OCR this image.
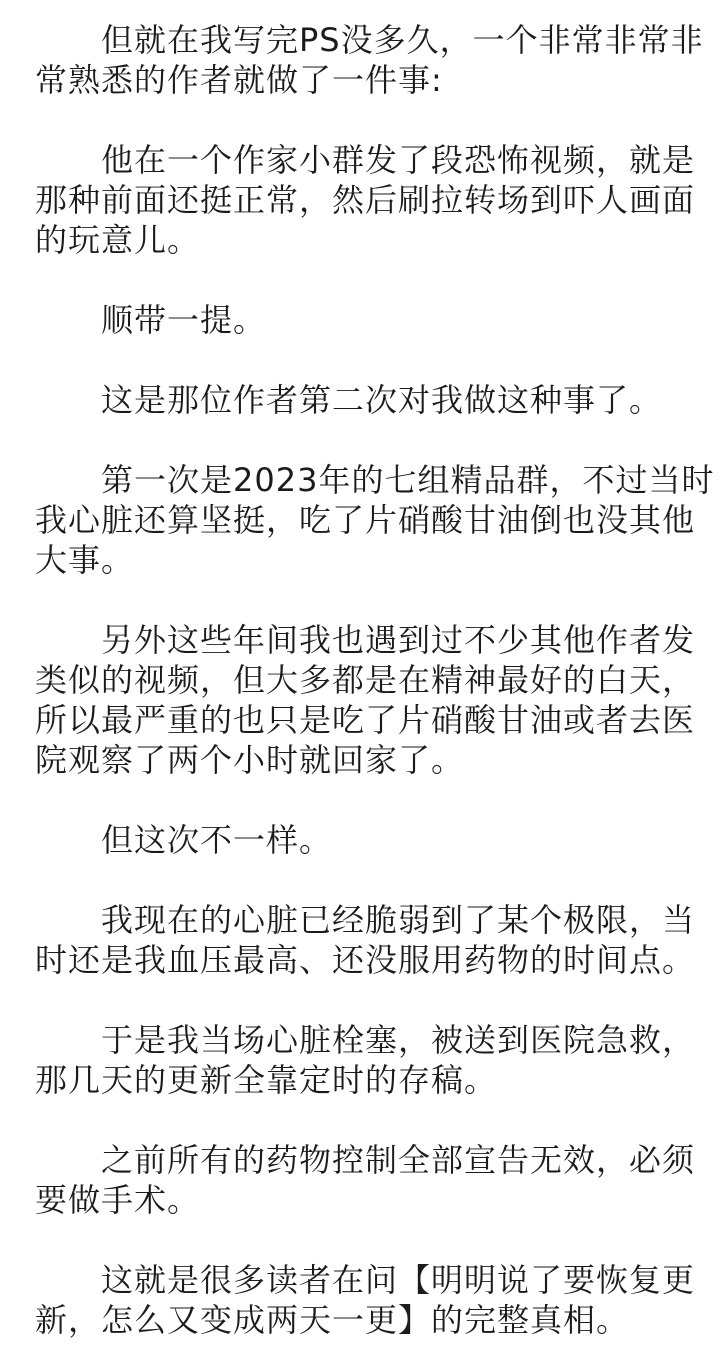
但就在我写完PS没多久，一个非常非常非
常熟悉的作者就做了一件事:
他在一个作家小群发了段恐怖视频，就是
那种前面还挺正常，然后刷拉转场到吓人画面
的玩意儿。
顺带一提。
这是那位作者第二次对我做这种事了。
第一次是2023年的七组精品群，不过当时
我心脏还算坚挺，吃了片硝酸甘油倒也没其他
大事。
另外这些年间我也遇到过不少其他作者发
类似的视频，但大多都是在精神最好的白天，
所以最严重的也只是吃了片硝酸甘油或者去医
院观察了两个小时就回家了。
但这次不一样。
我现在的心脏已经脆弱到了某个极限，当
时还是我血压最高、还没服用药物的时间点。
于是我当场心脏栓塞，被送到医院急救，
那几天的更新全靠定时的存稿。
之前所有的药物控制全部宣告无效，必须
要做手术。
这就是很多读者在问【明明说了要恢复更
新，怎么又变成两天一更】的完整真相。
